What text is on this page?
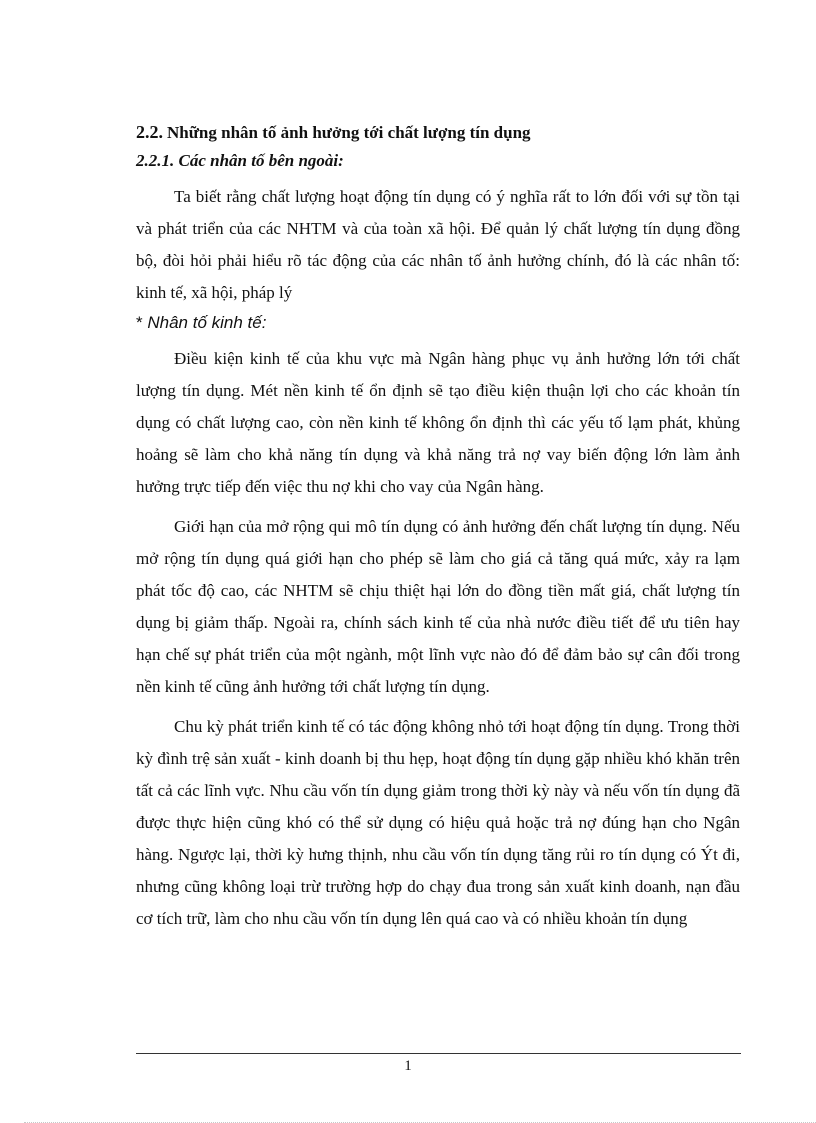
2.2. Những nhân tố ảnh hưởng tới chất lượng tín dụng
2.2.1. Các nhân tố bên ngoài:

Ta biết rằng chất lượng hoạt động tín dụng có ý nghĩa rất to lớn đối với sự tồn tại và phát triển của các NHTM và của toàn xã hội. Để quản lý chất lượng tín dụng đồng bộ, đòi hỏi phải hiểu rõ tác động của các nhân tố ảnh hưởng chính, đó là các nhân tố: kinh tế, xã hội, pháp lý

* Nhân tố kinh tế:

Điều kiện kinh tế của khu vực mà Ngân hàng phục vụ ảnh hưởng lớn tới chất lượng tín dụng. Mét nền kinh tế ổn định sẽ tạo điều kiện thuận lợi cho các khoản tín dụng có chất lượng cao, còn nền kinh tế không ổn định thì các yếu tố lạm phát, khủng hoảng sẽ làm cho khả năng tín dụng và khả năng trả nợ vay biến động lớn làm ảnh hưởng trực tiếp đến việc thu nợ khi cho vay của Ngân hàng.

Giới hạn của mở rộng qui mô tín dụng có ảnh hưởng đến chất lượng tín dụng. Nếu mở rộng tín dụng quá giới hạn cho phép sẽ làm cho giá cả tăng quá mức, xảy ra lạm phát tốc độ cao, các NHTM sẽ chịu thiệt hại lớn do đồng tiền mất giá, chất lượng tín dụng bị giảm thấp. Ngoài ra, chính sách kinh tế của nhà nước điều tiết để ưu tiên hay hạn chế sự phát triển của một ngành, một lĩnh vực nào đó để đảm bảo sự cân đối trong nền kinh tế cũng ảnh hưởng tới chất lượng tín dụng.

Chu kỳ phát triển kinh tế có tác động không nhỏ tới hoạt động tín dụng. Trong thời kỳ đình trệ sản xuất - kinh doanh bị thu hẹp, hoạt động tín dụng gặp nhiều khó khăn trên tất cả các lĩnh vực. Nhu cầu vốn tín dụng giảm trong thời kỳ này và nếu vốn tín dụng đã được thực hiện cũng khó có thể sử dụng có hiệu quả hoặc trả nợ đúng hạn cho Ngân hàng. Ngược lại, thời kỳ hưng thịnh, nhu cầu vốn tín dụng tăng rủi ro tín dụng có Ýt đi, nhưng cũng không loại trừ trường hợp do chạy đua trong sản xuất kinh doanh, nạn đầu cơ tích trữ, làm cho nhu cầu vốn tín dụng lên quá cao và có nhiều khoản tín dụng

1
